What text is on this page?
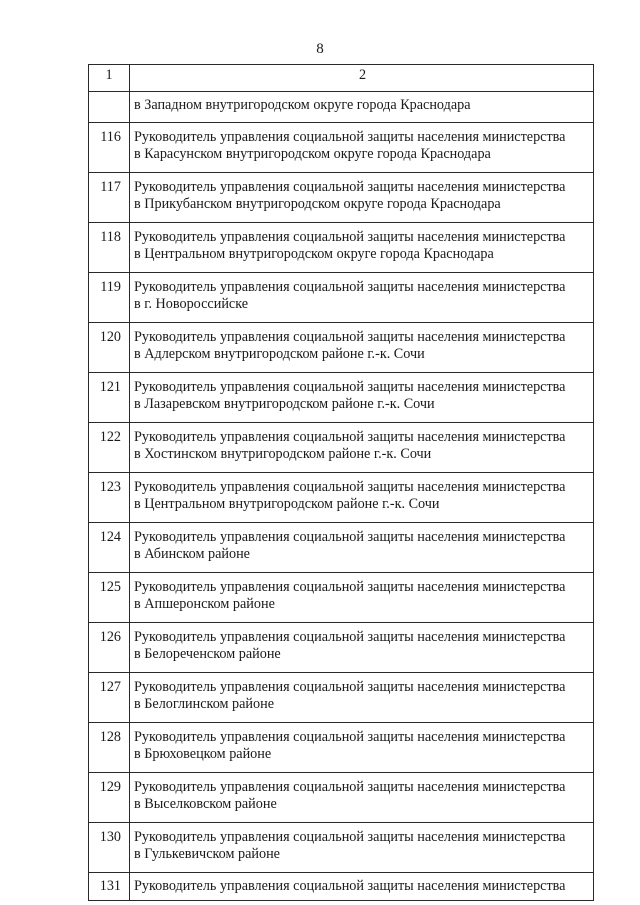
8
1	2

	в Западном внутригородском округе города Краснодара

116	Руководитель управления социальной защиты населения министерства
в Карасунском внутригородском округе города Краснодара

117	Руководитель управления социальной защиты населения министерства
в Прикубанском внутригородском округе города Краснодара

118	Руководитель управления социальной защиты населения министерства
в Центральном внутригородском округе города Краснодара

119	Руководитель управления социальной защиты населения министерства
в г. Новороссийске

120	Руководитель управления социальной защиты населения министерства
в Адлерском внутригородском районе г.-к. Сочи

121	Руководитель управления социальной защиты населения министерства
в Лазаревском внутригородском районе г.-к. Сочи

122	Руководитель управления социальной защиты населения министерства
в Хостинском внутригородском районе г.-к. Сочи

123	Руководитель управления социальной защиты населения министерства
в Центральном внутригородском районе г.-к. Сочи

124	Руководитель управления социальной защиты населения министерства
в Абинском районе

125	Руководитель управления социальной защиты населения министерства
в Апшеронском районе

126	Руководитель управления социальной защиты населения министерства
в Белореченском районе

127	Руководитель управления социальной защиты населения министерства
в Белоглинском районе

128	Руководитель управления социальной защиты населения министерства
в Брюховецком районе

129	Руководитель управления социальной защиты населения министерства
в Выселковском районе

130	Руководитель управления социальной защиты населения министерства
в Гулькевичском районе

131	Руководитель управления социальной защиты населения министерства
